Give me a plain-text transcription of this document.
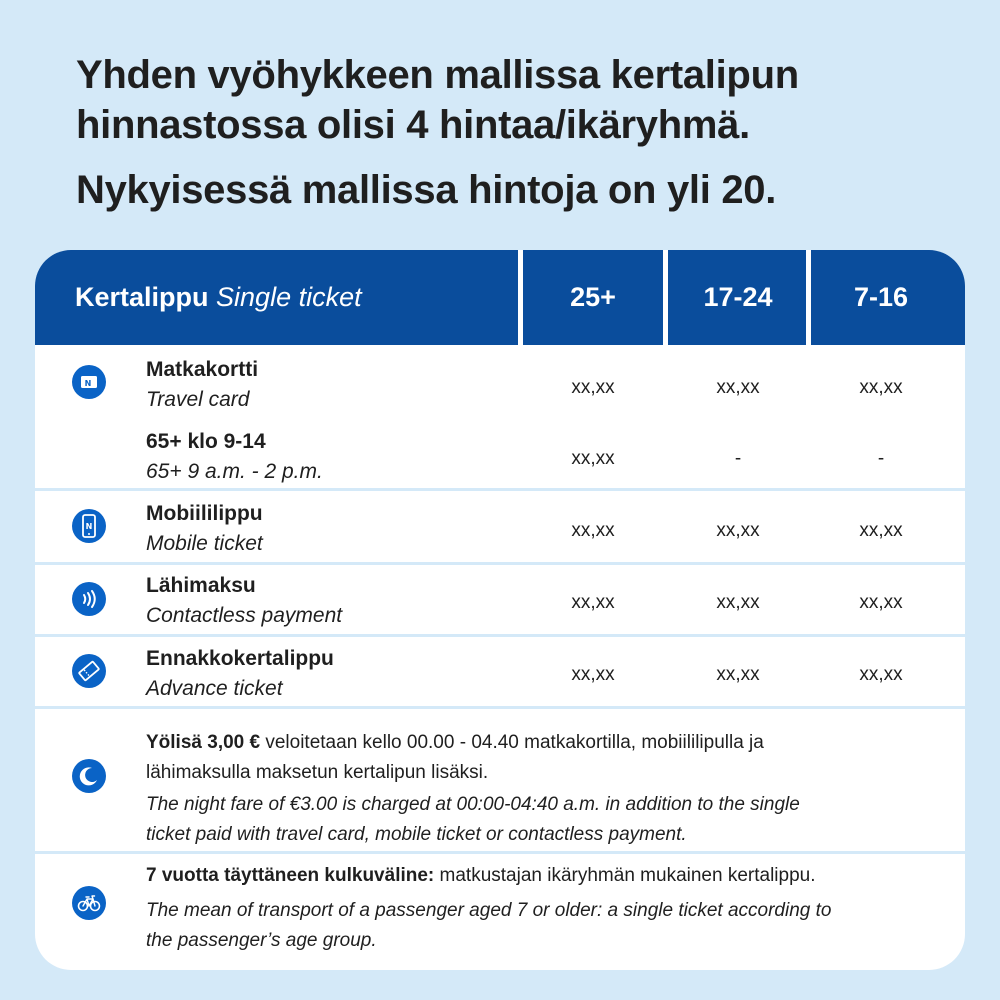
Yhden vyöhykkeen mallissa kertalipun
hinnastossa olisi 4 hintaa/ikäryhmä.
Nykyisessä mallissa hintoja on yli 20.
Kertalippu Single ticket	25+	17-24	7-16
N
Matkakortti
Travel card
xx,xx	xx,xx	xx,xx
65+ klo 9-14
65+ 9 a.m. - 2 p.m.
xx,xx	-	-
N
Mobiililippu
Mobile ticket
xx,xx	xx,xx	xx,xx
Lähimaksu
Contactless payment
xx,xx	xx,xx	xx,xx
Ennakkokertalippu
Advance ticket
xx,xx	xx,xx	xx,xx
Yölisä 3,00 € veloitetaan kello 00.00 - 04.40 matkakortilla, mobiililipulla ja
lähimaksulla maksetun kertalipun lisäksi.
The night fare of €3.00 is charged at 00:00-04:40 a.m. in addition to the single
ticket paid with travel card, mobile ticket or contactless payment.
7 vuotta täyttäneen kulkuväline: matkustajan ikäryhmän mukainen kertalippu.
The mean of transport of a passenger aged 7 or older: a single ticket according to
the passenger’s age group.
